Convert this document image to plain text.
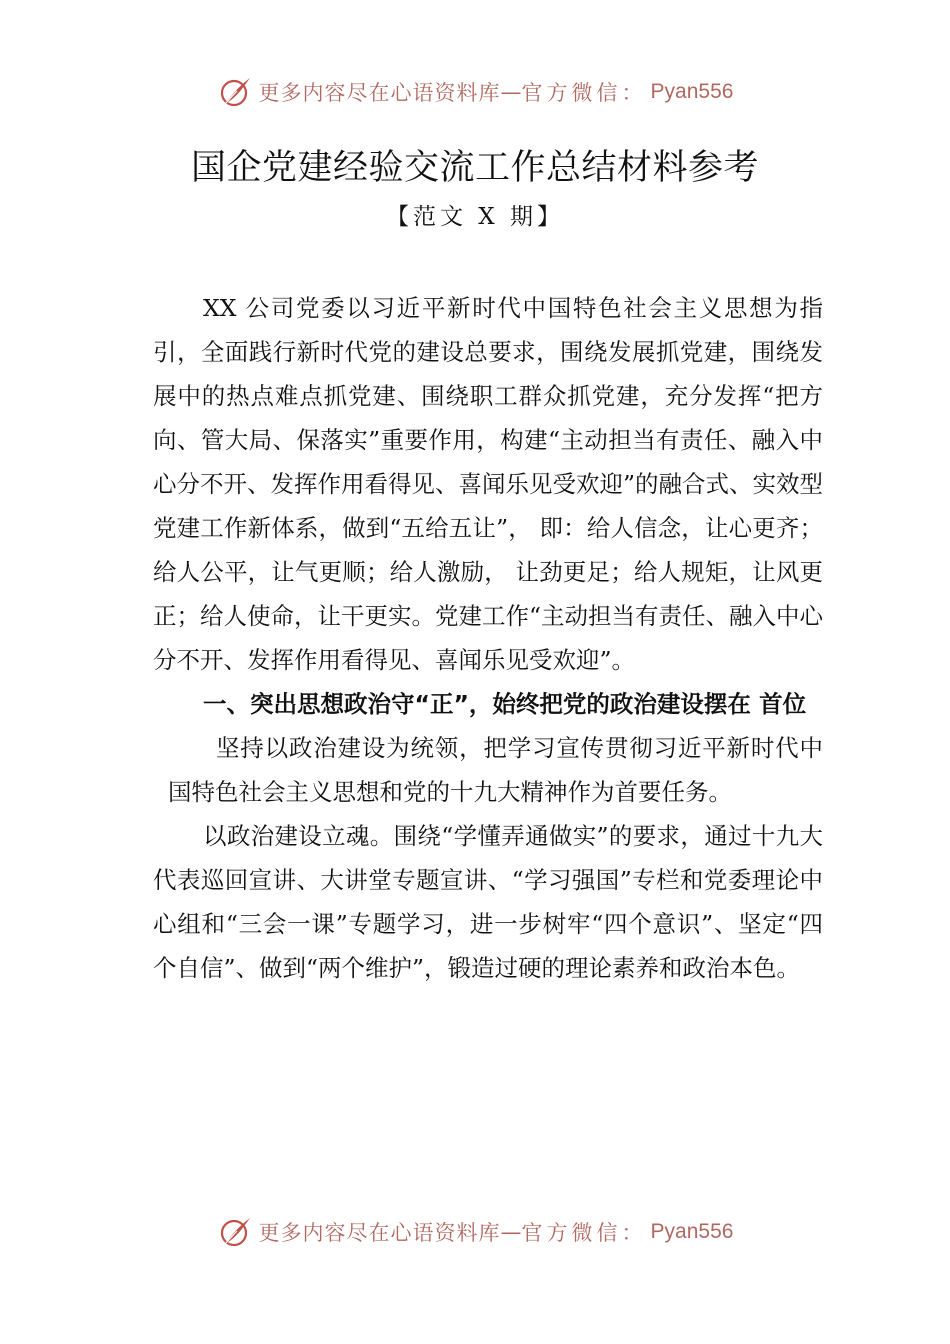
更多内容尽在心语资料库 — 官方微信： Pyan556
国企党建经验交流工作总结材料参考
【范文 X 期】

XX 公司党委以习近平新时代中国特色社会主义思想为指引，全面践行新时代党的建设总要求，围绕发展抓党建，围绕发展中的热点难点抓党建、围绕职工群众抓党建，充分发挥“把方向、管大局、保落实”重要作用，构建“主动担当有责任、融入中心分不开、发挥作用看得见、喜闻乐见受欢迎”的融合式、实效型党建工作新体系，做到“五给五让”， 即：给人信念，让心更齐；给人公平，让气更顺；给人激励， 让劲更足；给人规矩，让风更正；给人使命，让干更实。党建工作“主动担当有责任、融入中心分不开、发挥作用看得见、喜闻乐见受欢迎”。

一、突出思想政治守“正”，始终把党的政治建设摆在 首位

坚持以政治建设为统领，把学习宣传贯彻习近平新时代中国特色社会主义思想和党的十九大精神作为首要任务。

以政治建设立魂。围绕“学懂弄通做实”的要求，通过十九大代表巡回宣讲、大讲堂专题宣讲、“学习强国”专栏和党委理论中心组和“三会一课”专题学习，进一步树牢“四个意识”、坚定“四个自信”、做到“两个维护”，锻造过硬的理论素养和政治本色。

更多内容尽在心语资料库 — 官方微信： Pyan556
